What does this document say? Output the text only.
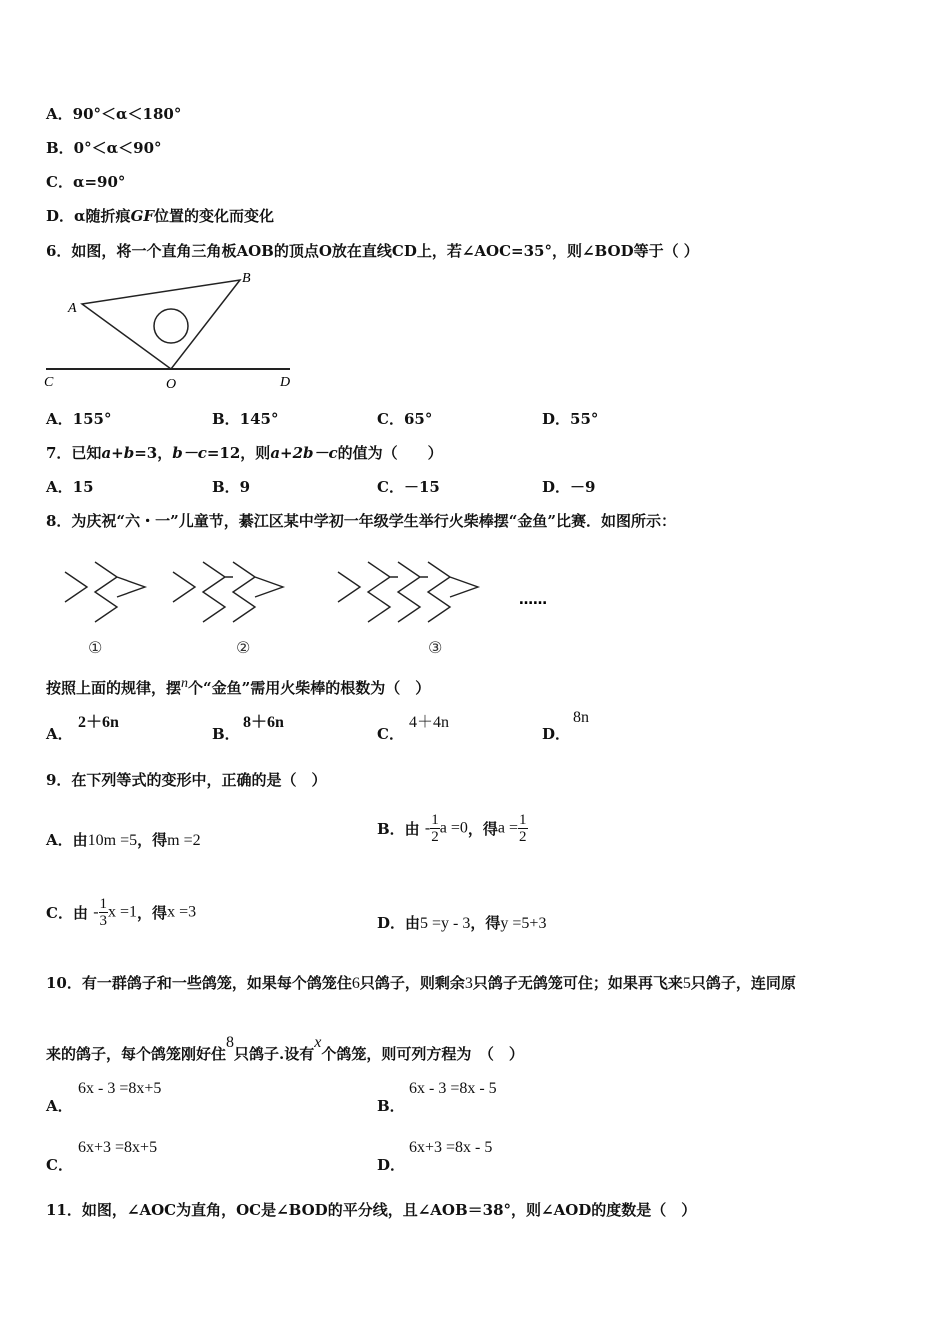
A．90°＜α＜180°
B．0°＜α＜90°
C．α=90°
D．α随折痕GF位置的变化而变化
6．如图，将一个直角三角板AOB的顶点O放在直线CD上，若∠AOC=35°，则∠BOD等于（ ）
A
B
C	O	D
A．155°	B．145°	C．65°	D．55°
7．已知a+b=3，b－c=12，则a+2b－c的值为（　　）
A．15	B．9	C．－15	D．－9
8．为庆祝“六・一”儿童节，綦江区某中学初一年级学生举行火柴棒摆“金鱼”比赛．如图所示：
……
①	②	③
按照上面的规律，摆n个“金鱼”需用火柴棒的根数为（　）
A．
2＋6n
B．
8＋6n
C．
4＋4n
D．
8n
9．在下列等式的变形中，正确的是（　）
A．由10m =5，得m =2
B．由 - $\frac{1}{2}$ a =0，得$a = \frac{1}{2}$
C．由 - $\frac{1}{3}$ x =1，得x =3
D．由5 =y - 3，得y =5+3
10．有一群鸽子和一些鸽笼，如果每个鸽笼住6只鸽子，则剩余3只鸽子无鸽笼可住；如果再飞来5只鸽子，连同原
来的鸽子，每个鸽笼刚好住8只鸽子.设有x个鸽笼，则可列方程为　（　）
A．
6x - 3 =8x+5
B．
6x - 3 =8x - 5
C．
6x+3 =8x+5
D．
6x+3 =8x - 5
11．如图，∠AOC为直角，OC是∠BOD的平分线，且∠AOB＝38°，则∠AOD的度数是（　）
